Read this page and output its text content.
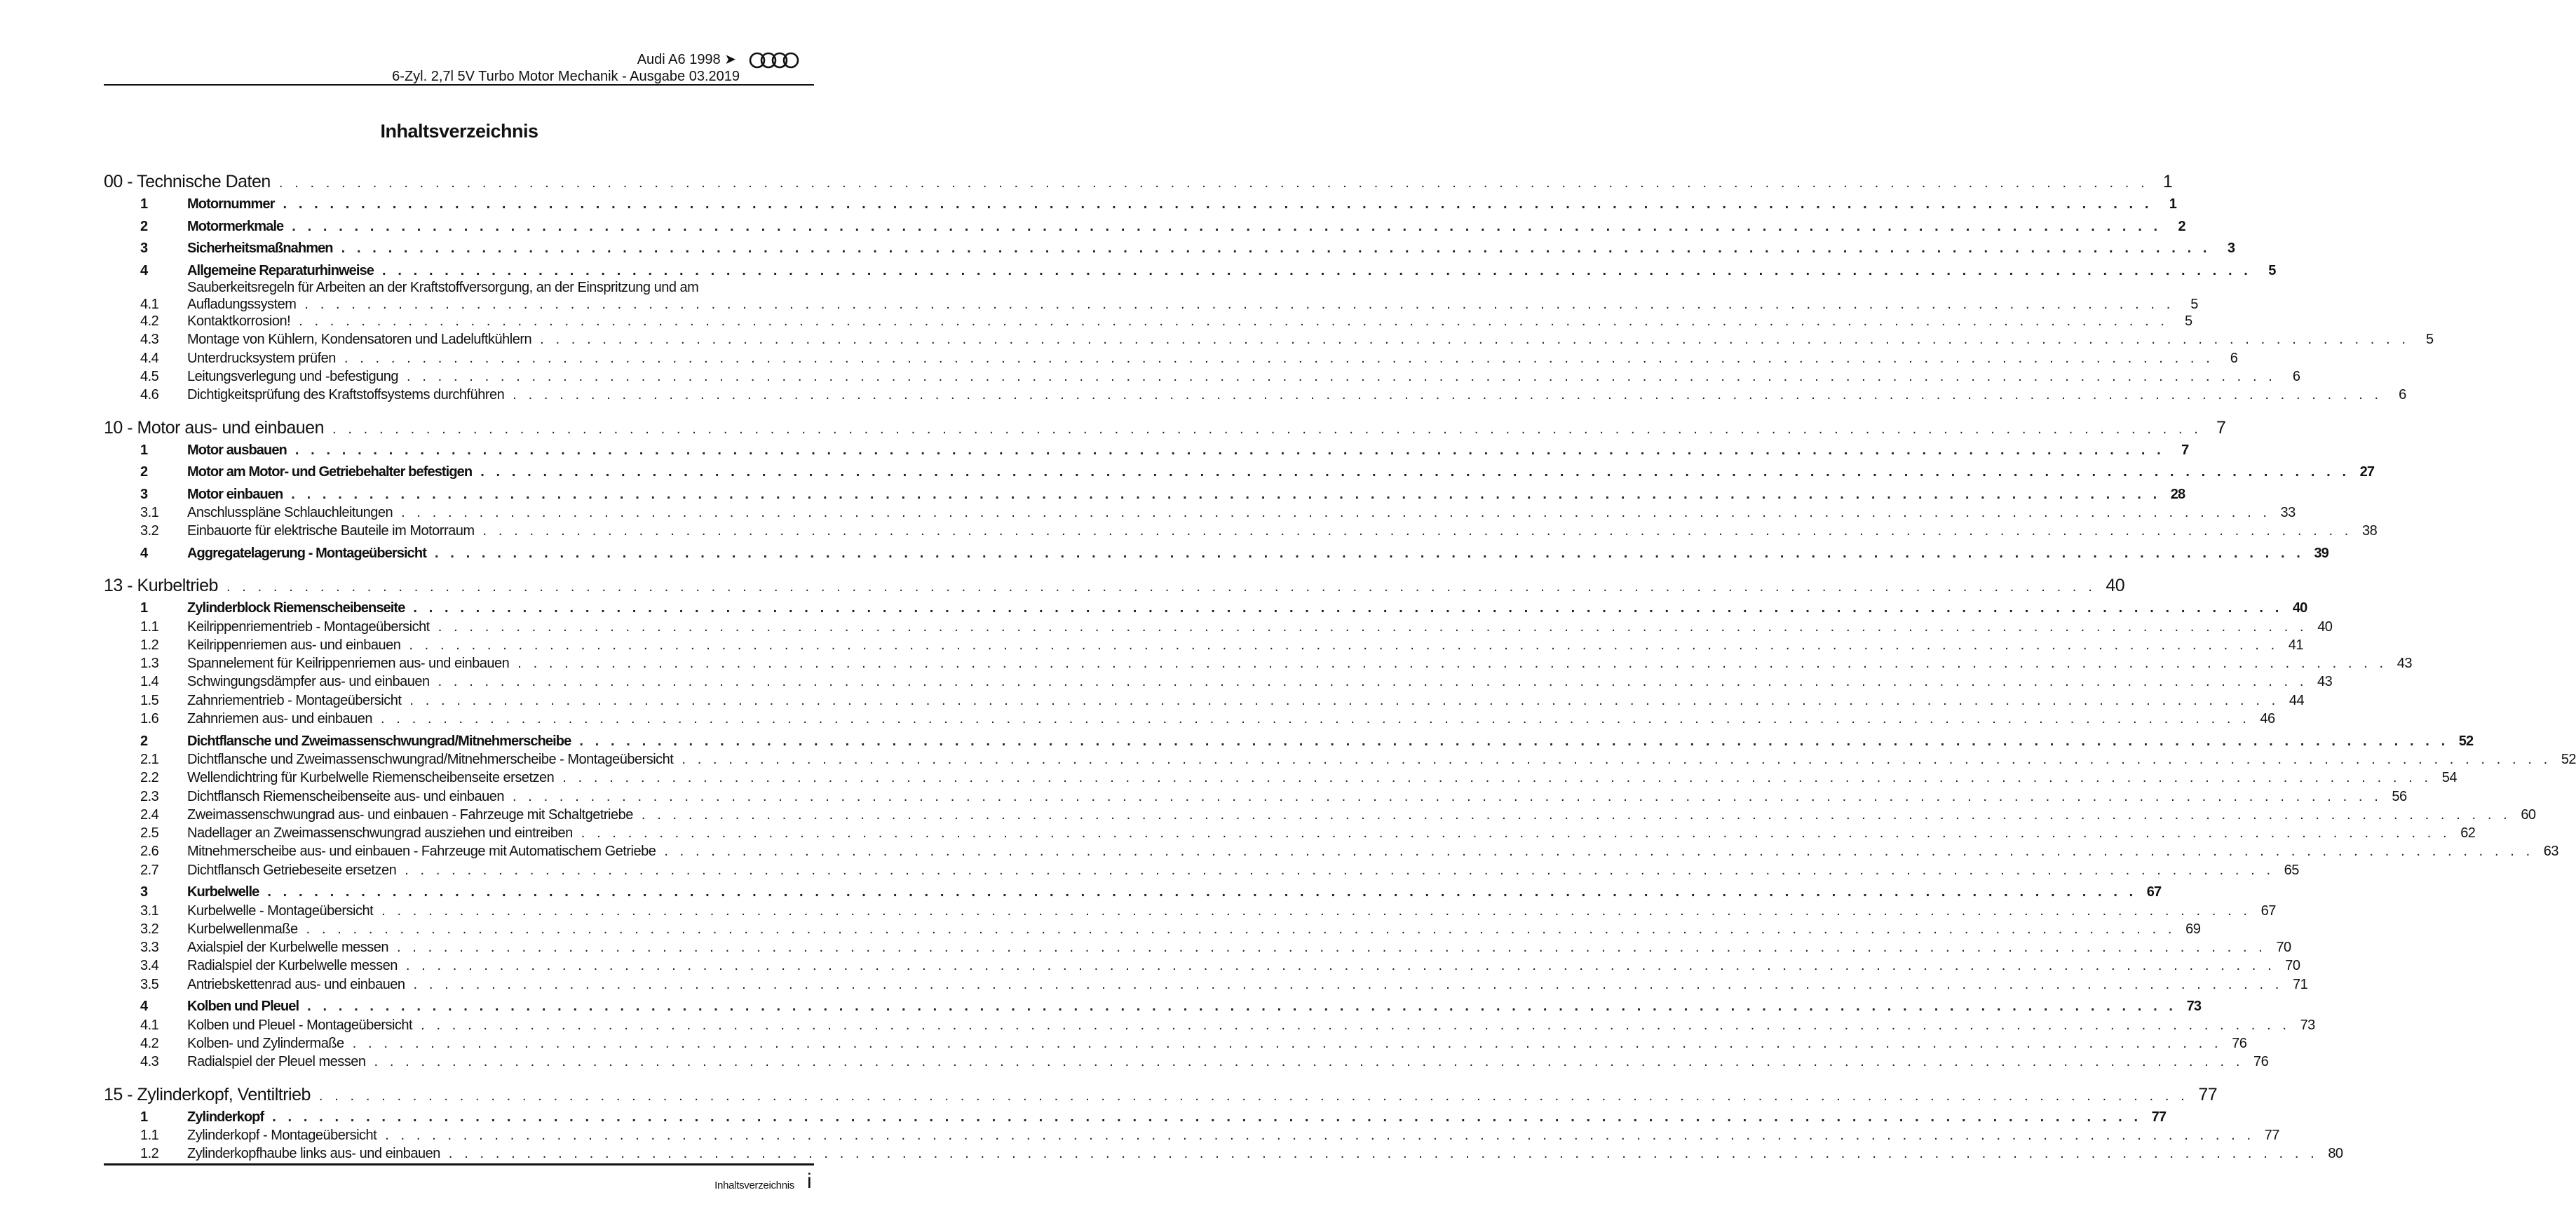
Audi A6 1998 ➤
6-Zyl. 2,7l 5V Turbo Motor Mechanik - Ausgabe 03.2019
Inhaltsverzeichnis
00 - Technische Daten . . . . . . . . . . . . . . . . . . . . . . . . . . . . . . . . . . . . . . . . . . . . . . . . . . . . . . . . . . . . . . . . . . . . . . . . . . . . . . . . . . . . . . . . . . . . . . . . . . . . . . . . . . . . . . . . . . . . . . . . 1
1	Motornummer . . . . . . . . . . . . . . . . . . . . . . . . . . . . . . . . . . . . . . . . . . . . . . . . . . . . . . . . . . . . . . . . . . . . . . . . . . . . . . . . . . . . . . . . . . . . . . . . . . . . . . . . . . . . . . . . . . . . . . . .	1
2	Motormerkmale . . . . . . . . . . . . . . . . . . . . . . . . . . . . . . . . . . . . . . . . . . . . . . . . . . . . . . . . . . . . . . . . . . . . . . . . . . . . . . . . . . . . . . . . . . . . . . . . . . . . . . . . . . . . . . . . . . . . . . . .	2
3	Sicherheitsmaßnahmen . . . . . . . . . . . . . . . . . . . . . . . . . . . . . . . . . . . . . . . . . . . . . . . . . . . . . . . . . . . . . . . . . . . . . . . . . . . . . . . . . . . . . . . . . . . . . . . . . . . . . . . . . . . . . . . . . . . . . . . .	3
4	Allgemeine Reparaturhinweise . . . . . . . . . . . . . . . . . . . . . . . . . . . . . . . . . . . . . . . . . . . . . . . . . . . . . . . . . . . . . . . . . . . . . . . . . . . . . . . . . . . . . . . . . . . . . . . . . . . . . . . . . . . . . . . . . . . . . . . .	5
Sauberkeitsregeln für Arbeiten an der Kraftstoffversorgung, an der Einspritzung und am
4.1	Aufladungssystem . . . . . . . . . . . . . . . . . . . . . . . . . . . . . . . . . . . . . . . . . . . . . . . . . . . . . . . . . . . . . . . . . . . . . . . . . . . . . . . . . . . . . . . . . . . . . . . . . . . . . . . . . . . . . . . . . . . . . . . .	5
4.2	Kontaktkorrosion! . . . . . . . . . . . . . . . . . . . . . . . . . . . . . . . . . . . . . . . . . . . . . . . . . . . . . . . . . . . . . . . . . . . . . . . . . . . . . . . . . . . . . . . . . . . . . . . . . . . . . . . . . . . . . . . . . . . . . . . .	5
4.3	Montage von Kühlern, Kondensatoren und Ladeluftkühlern . . . . . . . . . . . . . . . . . . . . . . . . . . . . . . . . . . . . . . . . . . . . . . . . . . . . . . . . . . . . . . . . . . . . . . . . . . . . . . . . . . . . . . . . . . . . . . . . . . . . . . . . . . . . . . . . . . . . . . . .	5
4.4	Unterdrucksystem prüfen . . . . . . . . . . . . . . . . . . . . . . . . . . . . . . . . . . . . . . . . . . . . . . . . . . . . . . . . . . . . . . . . . . . . . . . . . . . . . . . . . . . . . . . . . . . . . . . . . . . . . . . . . . . . . . . . . . . . . . . .	6
4.5	Leitungsverlegung und -befestigung . . . . . . . . . . . . . . . . . . . . . . . . . . . . . . . . . . . . . . . . . . . . . . . . . . . . . . . . . . . . . . . . . . . . . . . . . . . . . . . . . . . . . . . . . . . . . . . . . . . . . . . . . . . . . . . . . . . . . . . .	6
4.6	Dichtigkeitsprüfung des Kraftstoffsystems durchführen . . . . . . . . . . . . . . . . . . . . . . . . . . . . . . . . . . . . . . . . . . . . . . . . . . . . . . . . . . . . . . . . . . . . . . . . . . . . . . . . . . . . . . . . . . . . . . . . . . . . . . . . . . . . . . . . . . . . . . . .	6
10 - Motor aus- und einbauen . . . . . . . . . . . . . . . . . . . . . . . . . . . . . . . . . . . . . . . . . . . . . . . . . . . . . . . . . . . . . . . . . . . . . . . . . . . . . . . . . . . . . . . . . . . . . . . . . . . . . . . . . . . . . . . . . . . . . . . . 7
1	Motor ausbauen . . . . . . . . . . . . . . . . . . . . . . . . . . . . . . . . . . . . . . . . . . . . . . . . . . . . . . . . . . . . . . . . . . . . . . . . . . . . . . . . . . . . . . . . . . . . . . . . . . . . . . . . . . . . . . . . . . . . . . . .	7
2	Motor am Motor- und Getriebehalter befestigen . . . . . . . . . . . . . . . . . . . . . . . . . . . . . . . . . . . . . . . . . . . . . . . . . . . . . . . . . . . . . . . . . . . . . . . . . . . . . . . . . . . . . . . . . . . . . . . . . . . . . . . . . . . . . . . . . . . . . . . . 27
3	Motor einbauen . . . . . . . . . . . . . . . . . . . . . . . . . . . . . . . . . . . . . . . . . . . . . . . . . . . . . . . . . . . . . . . . . . . . . . . . . . . . . . . . . . . . . . . . . . . . . . . . . . . . . . . . . . . . . . . . . . . . . . . . 28
3.1	Anschlusspläne Schlauchleitungen . . . . . . . . . . . . . . . . . . . . . . . . . . . . . . . . . . . . . . . . . . . . . . . . . . . . . . . . . . . . . . . . . . . . . . . . . . . . . . . . . . . . . . . . . . . . . . . . . . . . . . . . . . . . . . . . . . . . . . . . 33
3.2	Einbauorte für elektrische Bauteile im Motorraum . . . . . . . . . . . . . . . . . . . . . . . . . . . . . . . . . . . . . . . . . . . . . . . . . . . . . . . . . . . . . . . . . . . . . . . . . . . . . . . . . . . . . . . . . . . . . . . . . . . . . . . . . . . . . . . . . . . . . . . . 38
4	Aggregatelagerung - Montageübersicht . . . . . . . . . . . . . . . . . . . . . . . . . . . . . . . . . . . . . . . . . . . . . . . . . . . . . . . . . . . . . . . . . . . . . . . . . . . . . . . . . . . . . . . . . . . . . . . . . . . . . . . . . . . . . . . . . . . . . . . . 39
13 - Kurbeltrieb . . . . . . . . . . . . . . . . . . . . . . . . . . . . . . . . . . . . . . . . . . . . . . . . . . . . . . . . . . . . . . . . . . . . . . . . . . . . . . . . . . . . . . . . . . . . . . . . . . . . . . . . . . . . . . . . . . . . . . . . 40
1	Zylinderblock Riemenscheibenseite . . . . . . . . . . . . . . . . . . . . . . . . . . . . . . . . . . . . . . . . . . . . . . . . . . . . . . . . . . . . . . . . . . . . . . . . . . . . . . . . . . . . . . . . . . . . . . . . . . . . . . . . . . . . . . . . . . . . . . . . 40
1.1	Keilrippenriementrieb - Montageübersicht . . . . . . . . . . . . . . . . . . . . . . . . . . . . . . . . . . . . . . . . . . . . . . . . . . . . . . . . . . . . . . . . . . . . . . . . . . . . . . . . . . . . . . . . . . . . . . . . . . . . . . . . . . . . . . . . . . . . . . . . 40
1.2	Keilrippenriemen aus- und einbauen . . . . . . . . . . . . . . . . . . . . . . . . . . . . . . . . . . . . . . . . . . . . . . . . . . . . . . . . . . . . . . . . . . . . . . . . . . . . . . . . . . . . . . . . . . . . . . . . . . . . . . . . . . . . . . . . . . . . . . . . 41
1.3	Spannelement für Keilrippenriemen aus- und einbauen . . . . . . . . . . . . . . . . . . . . . . . . . . . . . . . . . . . . . . . . . . . . . . . . . . . . . . . . . . . . . . . . . . . . . . . . . . . . . . . . . . . . . . . . . . . . . . . . . . . . . . . . . . . . . . . . . . . . . . . . 43
1.4	Schwingungsdämpfer aus- und einbauen . . . . . . . . . . . . . . . . . . . . . . . . . . . . . . . . . . . . . . . . . . . . . . . . . . . . . . . . . . . . . . . . . . . . . . . . . . . . . . . . . . . . . . . . . . . . . . . . . . . . . . . . . . . . . . . . . . . . . . . . 43
1.5	Zahnriementrieb - Montageübersicht . . . . . . . . . . . . . . . . . . . . . . . . . . . . . . . . . . . . . . . . . . . . . . . . . . . . . . . . . . . . . . . . . . . . . . . . . . . . . . . . . . . . . . . . . . . . . . . . . . . . . . . . . . . . . . . . . . . . . . . . 44
1.6	Zahnriemen aus- und einbauen . . . . . . . . . . . . . . . . . . . . . . . . . . . . . . . . . . . . . . . . . . . . . . . . . . . . . . . . . . . . . . . . . . . . . . . . . . . . . . . . . . . . . . . . . . . . . . . . . . . . . . . . . . . . . . . . . . . . . . . . 46
2	Dichtflansche und Zweimassenschwungrad/Mitnehmerscheibe . . . . . . . . . . . . . . . . . . . . . . . . . . . . . . . . . . . . . . . . . . . . . . . . . . . . . . . . . . . . . . . . . . . . . . . . . . . . . . . . . . . . . . . . . . . . . . . . . . . . . . . . . . . . . . . . . . . . . . . . 52
2.1	Dichtflansche und Zweimassenschwungrad/Mitnehmerscheibe - Montageübersicht . . . . . . . . . . . . . . . . . . . . . . . . . . . . . . . . . . . . . . . . . . . . . . . . . . . . . . . . . . . . . . . . . . . . . . . . . . . . . . . . . . . . . . . . . . . . . . . . . . . . . . . . . . . . . . . . . . . . . . . . 52
2.2	Wellendichtring für Kurbelwelle Riemenscheibenseite ersetzen . . . . . . . . . . . . . . . . . . . . . . . . . . . . . . . . . . . . . . . . . . . . . . . . . . . . . . . . . . . . . . . . . . . . . . . . . . . . . . . . . . . . . . . . . . . . . . . . . . . . . . . . . . . . . . . . . . . . . . . . 54
2.3	Dichtflansch Riemenscheibenseite aus- und einbauen . . . . . . . . . . . . . . . . . . . . . . . . . . . . . . . . . . . . . . . . . . . . . . . . . . . . . . . . . . . . . . . . . . . . . . . . . . . . . . . . . . . . . . . . . . . . . . . . . . . . . . . . . . . . . . . . . . . . . . . . 56
2.4	Zweimassenschwungrad aus- und einbauen - Fahrzeuge mit Schaltgetriebe . . . . . . . . . . . . . . . . . . . . . . . . . . . . . . . . . . . . . . . . . . . . . . . . . . . . . . . . . . . . . . . . . . . . . . . . . . . . . . . . . . . . . . . . . . . . . . . . . . . . . . . . . . . . . . . . . . . . . . . . 60
2.5	Nadellager an Zweimassenschwungrad ausziehen und eintreiben . . . . . . . . . . . . . . . . . . . . . . . . . . . . . . . . . . . . . . . . . . . . . . . . . . . . . . . . . . . . . . . . . . . . . . . . . . . . . . . . . . . . . . . . . . . . . . . . . . . . . . . . . . . . . . . . . . . . . . . . 62
2.6	Mitnehmerscheibe aus- und einbauen - Fahrzeuge mit Automatischem Getriebe . . . . . . . . . . . . . . . . . . . . . . . . . . . . . . . . . . . . . . . . . . . . . . . . . . . . . . . . . . . . . . . . . . . . . . . . . . . . . . . . . . . . . . . . . . . . . . . . . . . . . . . . . . . . . . . . . . . . . . . . 63
2.7	Dichtflansch Getriebeseite ersetzen . . . . . . . . . . . . . . . . . . . . . . . . . . . . . . . . . . . . . . . . . . . . . . . . . . . . . . . . . . . . . . . . . . . . . . . . . . . . . . . . . . . . . . . . . . . . . . . . . . . . . . . . . . . . . . . . . . . . . . . . 65
3	Kurbelwelle . . . . . . . . . . . . . . . . . . . . . . . . . . . . . . . . . . . . . . . . . . . . . . . . . . . . . . . . . . . . . . . . . . . . . . . . . . . . . . . . . . . . . . . . . . . . . . . . . . . . . . . . . . . . . . . . . . . . . . . . 67
3.1	Kurbelwelle - Montageübersicht . . . . . . . . . . . . . . . . . . . . . . . . . . . . . . . . . . . . . . . . . . . . . . . . . . . . . . . . . . . . . . . . . . . . . . . . . . . . . . . . . . . . . . . . . . . . . . . . . . . . . . . . . . . . . . . . . . . . . . . . 67
3.2	Kurbelwellenmaße . . . . . . . . . . . . . . . . . . . . . . . . . . . . . . . . . . . . . . . . . . . . . . . . . . . . . . . . . . . . . . . . . . . . . . . . . . . . . . . . . . . . . . . . . . . . . . . . . . . . . . . . . . . . . . . . . . . . . . . . 69
3.3	Axialspiel der Kurbelwelle messen . . . . . . . . . . . . . . . . . . . . . . . . . . . . . . . . . . . . . . . . . . . . . . . . . . . . . . . . . . . . . . . . . . . . . . . . . . . . . . . . . . . . . . . . . . . . . . . . . . . . . . . . . . . . . . . . . . . . . . . . 70
3.4	Radialspiel der Kurbelwelle messen . . . . . . . . . . . . . . . . . . . . . . . . . . . . . . . . . . . . . . . . . . . . . . . . . . . . . . . . . . . . . . . . . . . . . . . . . . . . . . . . . . . . . . . . . . . . . . . . . . . . . . . . . . . . . . . . . . . . . . . . 70
3.5	Antriebskettenrad aus- und einbauen . . . . . . . . . . . . . . . . . . . . . . . . . . . . . . . . . . . . . . . . . . . . . . . . . . . . . . . . . . . . . . . . . . . . . . . . . . . . . . . . . . . . . . . . . . . . . . . . . . . . . . . . . . . . . . . . . . . . . . . . 71
4	Kolben und Pleuel . . . . . . . . . . . . . . . . . . . . . . . . . . . . . . . . . . . . . . . . . . . . . . . . . . . . . . . . . . . . . . . . . . . . . . . . . . . . . . . . . . . . . . . . . . . . . . . . . . . . . . . . . . . . . . . . . . . . . . . . 73
4.1	Kolben und Pleuel - Montageübersicht . . . . . . . . . . . . . . . . . . . . . . . . . . . . . . . . . . . . . . . . . . . . . . . . . . . . . . . . . . . . . . . . . . . . . . . . . . . . . . . . . . . . . . . . . . . . . . . . . . . . . . . . . . . . . . . . . . . . . . . . 73
4.2	Kolben- und Zylindermaße . . . . . . . . . . . . . . . . . . . . . . . . . . . . . . . . . . . . . . . . . . . . . . . . . . . . . . . . . . . . . . . . . . . . . . . . . . . . . . . . . . . . . . . . . . . . . . . . . . . . . . . . . . . . . . . . . . . . . . . . 76
4.3	Radialspiel der Pleuel messen . . . . . . . . . . . . . . . . . . . . . . . . . . . . . . . . . . . . . . . . . . . . . . . . . . . . . . . . . . . . . . . . . . . . . . . . . . . . . . . . . . . . . . . . . . . . . . . . . . . . . . . . . . . . . . . . . . . . . . . . 76
15 - Zylinderkopf, Ventiltrieb . . . . . . . . . . . . . . . . . . . . . . . . . . . . . . . . . . . . . . . . . . . . . . . . . . . . . . . . . . . . . . . . . . . . . . . . . . . . . . . . . . . . . . . . . . . . . . . . . . . . . . . . . . . . . . . . . . . . . . . . 77
1	Zylinderkopf . . . . . . . . . . . . . . . . . . . . . . . . . . . . . . . . . . . . . . . . . . . . . . . . . . . . . . . . . . . . . . . . . . . . . . . . . . . . . . . . . . . . . . . . . . . . . . . . . . . . . . . . . . . . . . . . . . . . . . . . 77
1.1	Zylinderkopf - Montageübersicht . . . . . . . . . . . . . . . . . . . . . . . . . . . . . . . . . . . . . . . . . . . . . . . . . . . . . . . . . . . . . . . . . . . . . . . . . . . . . . . . . . . . . . . . . . . . . . . . . . . . . . . . . . . . . . . . . . . . . . . . 77
1.2	Zylinderkopfhaube links aus- und einbauen . . . . . . . . . . . . . . . . . . . . . . . . . . . . . . . . . . . . . . . . . . . . . . . . . . . . . . . . . . . . . . . . . . . . . . . . . . . . . . . . . . . . . . . . . . . . . . . . . . . . . . . . . . . . . . . . . . . . . . . . 80
Inhaltsverzeichnis i
